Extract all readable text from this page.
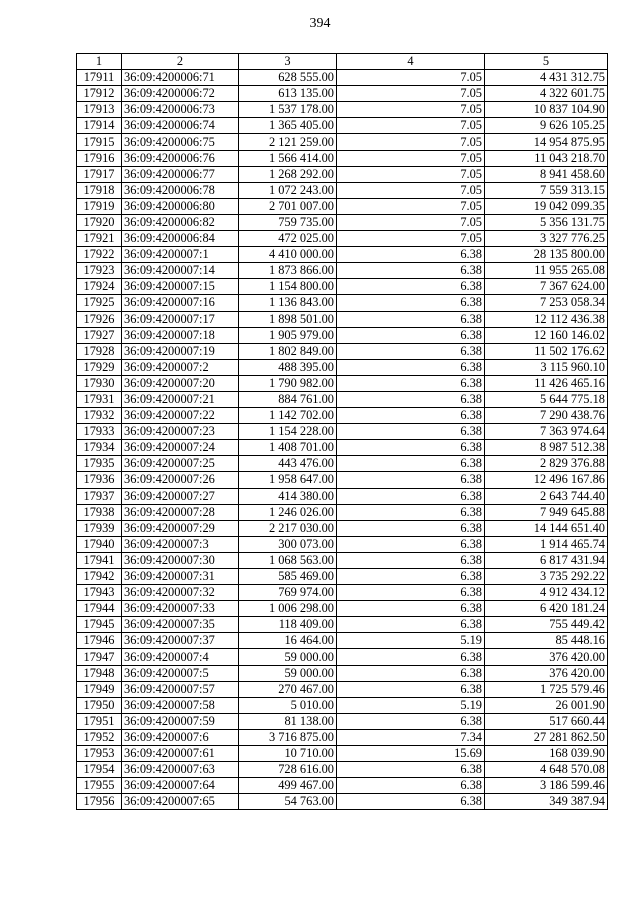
394
1	2	3	4	5
17911	36:09:4200006:71	628 555.00	7.05	4 431 312.75
17912	36:09:4200006:72	613 135.00	7.05	4 322 601.75
17913	36:09:4200006:73	1 537 178.00	7.05	10 837 104.90
17914	36:09:4200006:74	1 365 405.00	7.05	9 626 105.25
17915	36:09:4200006:75	2 121 259.00	7.05	14 954 875.95
17916	36:09:4200006:76	1 566 414.00	7.05	11 043 218.70
17917	36:09:4200006:77	1 268 292.00	7.05	8 941 458.60
17918	36:09:4200006:78	1 072 243.00	7.05	7 559 313.15
17919	36:09:4200006:80	2 701 007.00	7.05	19 042 099.35
17920	36:09:4200006:82	759 735.00	7.05	5 356 131.75
17921	36:09:4200006:84	472 025.00	7.05	3 327 776.25
17922	36:09:4200007:1	4 410 000.00	6.38	28 135 800.00
17923	36:09:4200007:14	1 873 866.00	6.38	11 955 265.08
17924	36:09:4200007:15	1 154 800.00	6.38	7 367 624.00
17925	36:09:4200007:16	1 136 843.00	6.38	7 253 058.34
17926	36:09:4200007:17	1 898 501.00	6.38	12 112 436.38
17927	36:09:4200007:18	1 905 979.00	6.38	12 160 146.02
17928	36:09:4200007:19	1 802 849.00	6.38	11 502 176.62
17929	36:09:4200007:2	488 395.00	6.38	3 115 960.10
17930	36:09:4200007:20	1 790 982.00	6.38	11 426 465.16
17931	36:09:4200007:21	884 761.00	6.38	5 644 775.18
17932	36:09:4200007:22	1 142 702.00	6.38	7 290 438.76
17933	36:09:4200007:23	1 154 228.00	6.38	7 363 974.64
17934	36:09:4200007:24	1 408 701.00	6.38	8 987 512.38
17935	36:09:4200007:25	443 476.00	6.38	2 829 376.88
17936	36:09:4200007:26	1 958 647.00	6.38	12 496 167.86
17937	36:09:4200007:27	414 380.00	6.38	2 643 744.40
17938	36:09:4200007:28	1 246 026.00	6.38	7 949 645.88
17939	36:09:4200007:29	2 217 030.00	6.38	14 144 651.40
17940	36:09:4200007:3	300 073.00	6.38	1 914 465.74
17941	36:09:4200007:30	1 068 563.00	6.38	6 817 431.94
17942	36:09:4200007:31	585 469.00	6.38	3 735 292.22
17943	36:09:4200007:32	769 974.00	6.38	4 912 434.12
17944	36:09:4200007:33	1 006 298.00	6.38	6 420 181.24
17945	36:09:4200007:35	118 409.00	6.38	755 449.42
17946	36:09:4200007:37	16 464.00	5.19	85 448.16
17947	36:09:4200007:4	59 000.00	6.38	376 420.00
17948	36:09:4200007:5	59 000.00	6.38	376 420.00
17949	36:09:4200007:57	270 467.00	6.38	1 725 579.46
17950	36:09:4200007:58	5 010.00	5.19	26 001.90
17951	36:09:4200007:59	81 138.00	6.38	517 660.44
17952	36:09:4200007:6	3 716 875.00	7.34	27 281 862.50
17953	36:09:4200007:61	10 710.00	15.69	168 039.90
17954	36:09:4200007:63	728 616.00	6.38	4 648 570.08
17955	36:09:4200007:64	499 467.00	6.38	3 186 599.46
17956	36:09:4200007:65	54 763.00	6.38	349 387.94
